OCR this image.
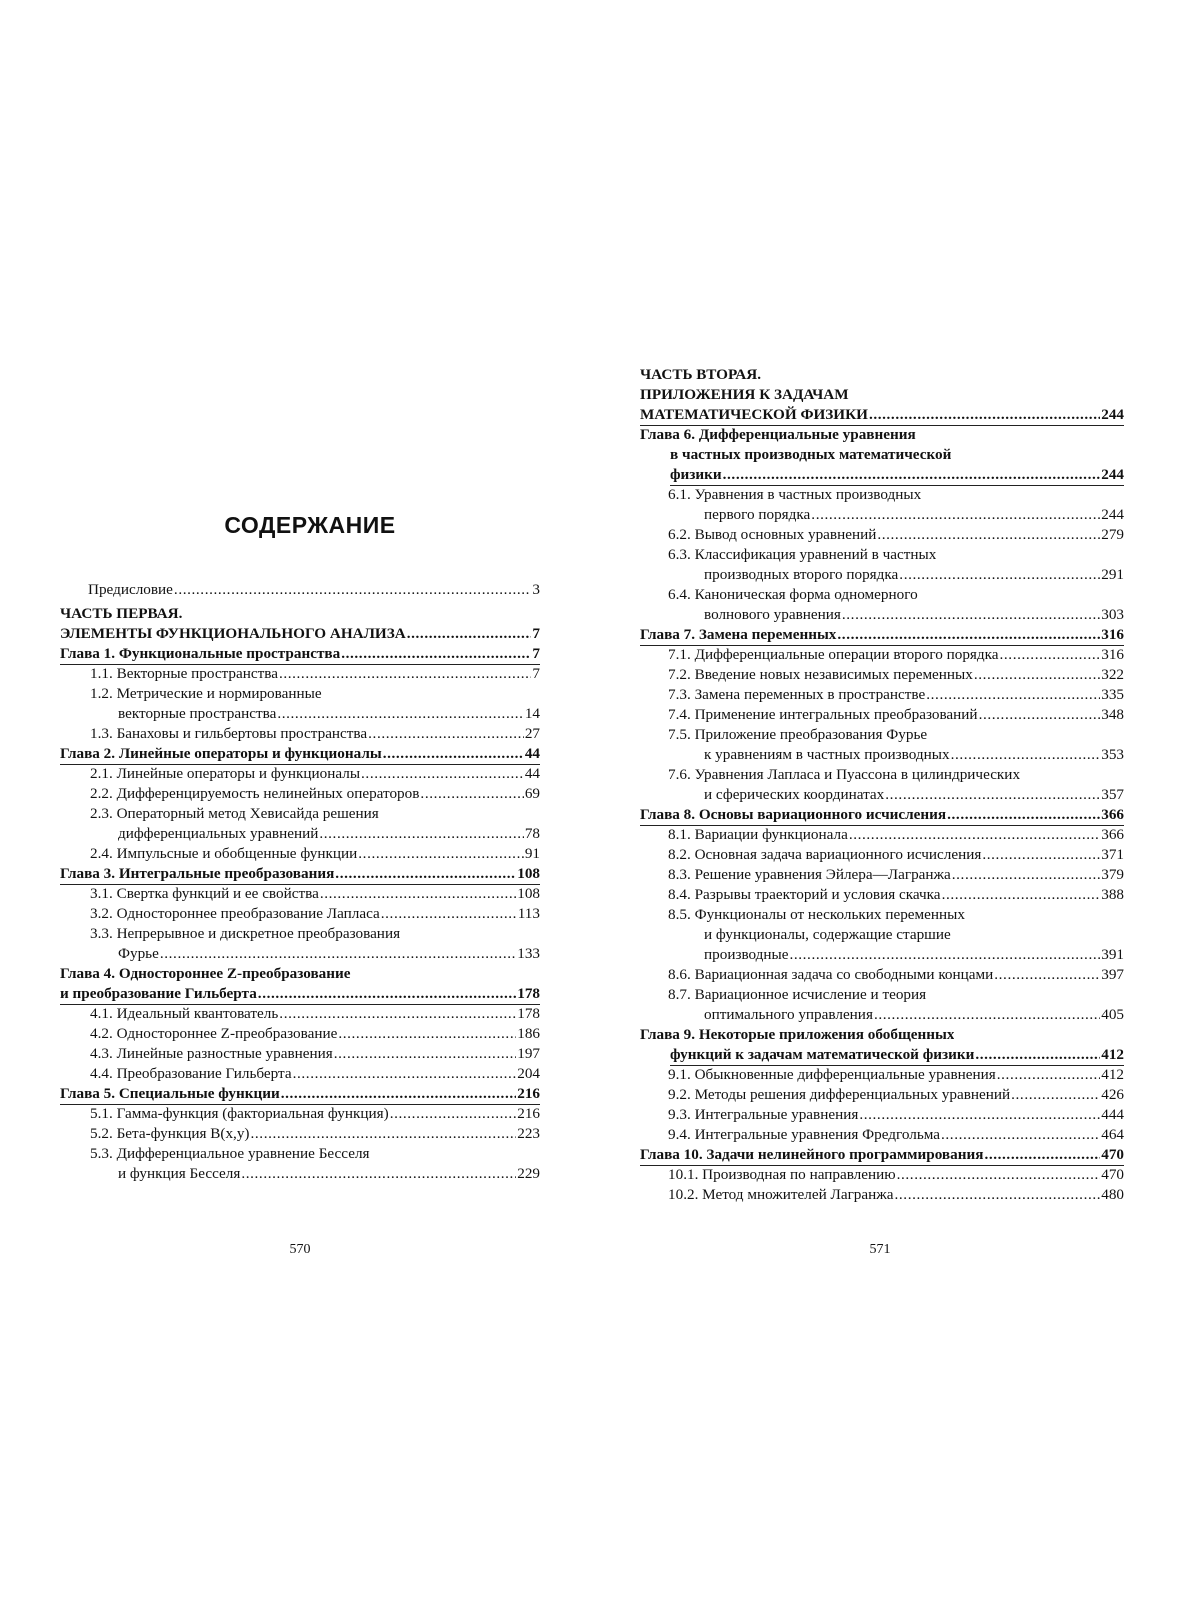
СОДЕРЖАНИЕ
Предисловие .....	3
ЧАСТЬ ПЕРВАЯ.
ЭЛЕМЕНТЫ ФУНКЦИОНАЛЬНОГО АНАЛИЗА .....	7
Глава 1. Функциональные пространства .....	7
1.1. Векторные пространства .....	7
1.2. Метрические и нормированные
векторные пространства .....	14
1.3. Банаховы и гильбертовы пространства .....	27
Глава 2. Линейные операторы и функционалы .....	44
2.1. Линейные операторы и функционалы .....	44
2.2. Дифференцируемость нелинейных операторов .....	69
2.3. Операторный метод Хевисайда решения
дифференциальных уравнений .....	78
2.4. Импульсные и обобщенные функции .....	91
Глава 3. Интегральные преобразования .....	108
3.1. Свертка функций и ее свойства .....	108
3.2. Одностороннее преобразование Лапласа .....	113
3.3. Непрерывное и дискретное преобразования
Фурье .....	133
Глава 4. Одностороннее Z-преобразование
и преобразование Гильберта .....	178
4.1. Идеальный квантователь .....	178
4.2. Одностороннее Z-преобразование .....	186
4.3. Линейные разностные уравнения .....	197
4.4. Преобразование Гильберта .....	204
Глава 5. Специальные функции .....	216
5.1. Гамма-функция (факториальная функция) .....	216
5.2. Бета-функция B(x,y) .....	223
5.3. Дифференциальное уравнение Бесселя
и функция Бесселя .....	229
570
ЧАСТЬ ВТОРАЯ.
ПРИЛОЖЕНИЯ К ЗАДАЧАМ
МАТЕМАТИЧЕСКОЙ ФИЗИКИ .....	244
Глава 6. Дифференциальные уравнения
в частных производных математической
физики .....	244
6.1. Уравнения в частных производных
первого порядка .....	244
6.2. Вывод основных уравнений .....	279
6.3. Классификация уравнений в частных
производных второго порядка .....	291
6.4. Каноническая форма одномерного
волнового уравнения .....	303
Глава 7. Замена переменных .....	316
7.1. Дифференциальные операции второго порядка .....	316
7.2. Введение новых независимых переменных .....	322
7.3. Замена переменных в пространстве .....	335
7.4. Применение интегральных преобразований .....	348
7.5. Приложение преобразования Фурье
к уравнениям в частных производных .....	353
7.6. Уравнения Лапласа и Пуассона в цилиндрических
и сферических координатах .....	357
Глава 8. Основы вариационного исчисления .....	366
8.1. Вариации функционала .....	366
8.2. Основная задача вариационного исчисления .....	371
8.3. Решение уравнения Эйлера—Лагранжа .....	379
8.4. Разрывы траекторий и условия скачка .....	388
8.5. Функционалы от нескольких переменных
и функционалы, содержащие старшие
производные .....	391
8.6. Вариационная задача со свободными концами .....	397
8.7. Вариационное исчисление и теория
оптимального управления .....	405
Глава 9. Некоторые приложения обобщенных
функций к задачам математической физики .....	412
9.1. Обыкновенные дифференциальные уравнения .....	412
9.2. Методы решения дифференциальных уравнений .....	426
9.3. Интегральные уравнения .....	444
9.4. Интегральные уравнения Фредгольма .....	464
Глава 10. Задачи нелинейного программирования .....	470
10.1. Производная по направлению .....	470
10.2. Метод множителей Лагранжа .....	480
571
